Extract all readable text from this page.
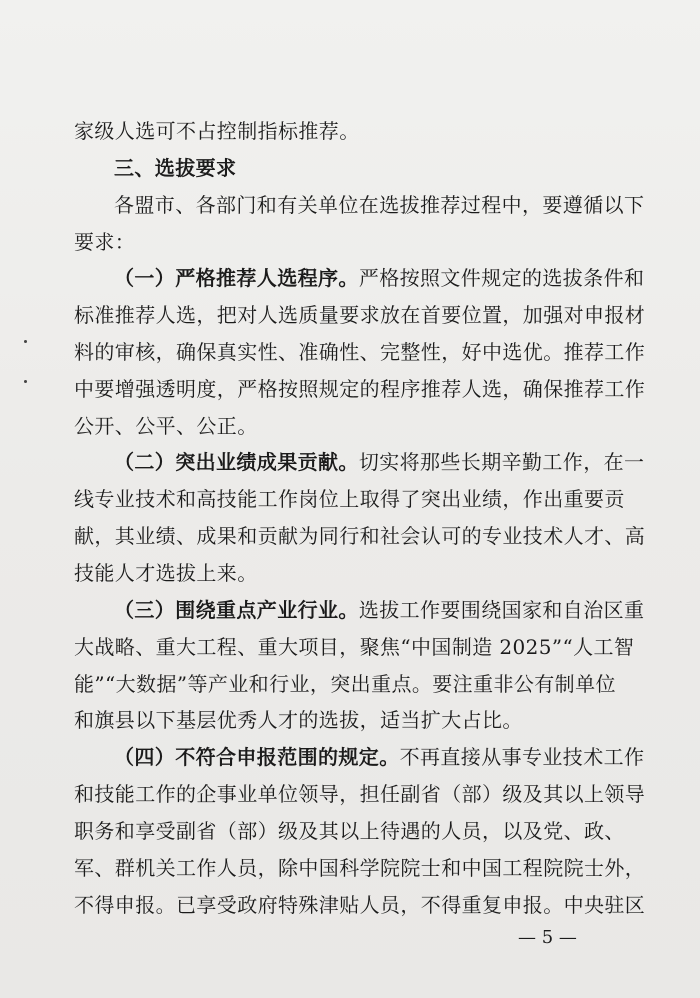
家级人选可不占控制指标推荐。
三、选拔要求
各盟市、各部门和有关单位在选拔推荐过程中，要遵循以下
要求：
（一）严格推荐人选程序。严格按照文件规定的选拔条件和
标准推荐人选，把对人选质量要求放在首要位置，加强对申报材
料的审核，确保真实性、准确性、完整性，好中选优。推荐工作
中要增强透明度，严格按照规定的程序推荐人选，确保推荐工作
公开、公平、公正。
（二）突出业绩成果贡献。切实将那些长期辛勤工作，在一
线专业技术和高技能工作岗位上取得了突出业绩，作出重要贡
献，其业绩、成果和贡献为同行和社会认可的专业技术人才、高
技能人才选拔上来。
（三）围绕重点产业行业。选拔工作要围绕国家和自治区重
大战略、重大工程、重大项目，聚焦“中国制造 2025”“人工智
能”“大数据”等产业和行业，突出重点。要注重非公有制单位
和旗县以下基层优秀人才的选拔，适当扩大占比。
（四）不符合申报范围的规定。不再直接从事专业技术工作
和技能工作的企事业单位领导，担任副省（部）级及其以上领导
职务和享受副省（部）级及其以上待遇的人员，以及党、政、
军、群机关工作人员，除中国科学院院士和中国工程院院士外，
不得申报。已享受政府特殊津贴人员，不得重复申报。中央驻区
— 5 —
